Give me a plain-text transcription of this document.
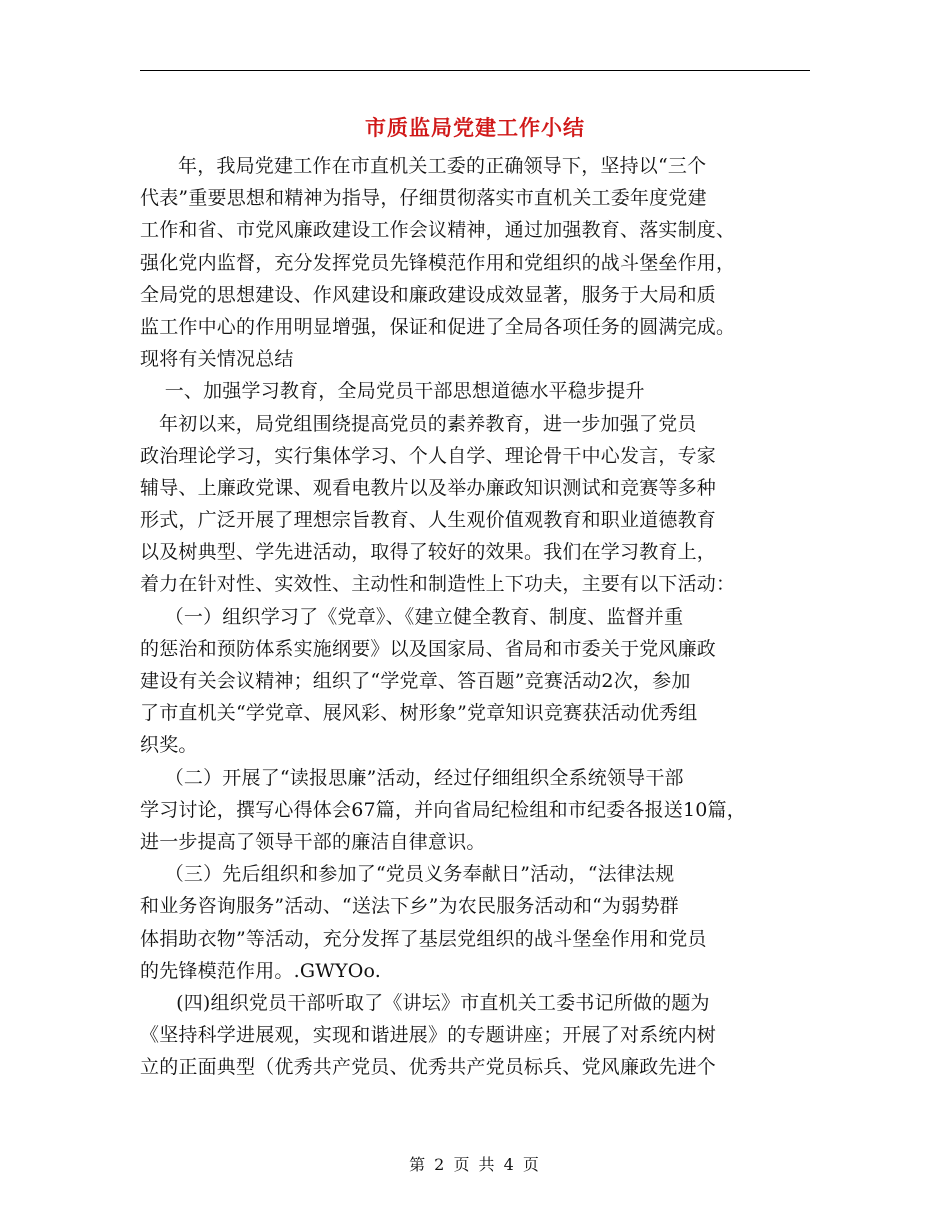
市质监局党建工作小结
年，我局党建工作在市直机关工委的正确领导下，坚持以“三个
代表”重要思想和精神为指导，仔细贯彻落实市直机关工委年度党建
工作和省、市党风廉政建设工作会议精神，通过加强教育、落实制度、
强化党内监督，充分发挥党员先锋模范作用和党组织的战斗堡垒作用，
全局党的思想建设、作风建设和廉政建设成效显著，服务于大局和质
监工作中心的作用明显增强，保证和促进了全局各项任务的圆满完成。
现将有关情况总结
一、加强学习教育，全局党员干部思想道德水平稳步提升
年初以来，局党组围绕提高党员的素养教育，进一步加强了党员
政治理论学习，实行集体学习、个人自学、理论骨干中心发言，专家
辅导、上廉政党课、观看电教片以及举办廉政知识测试和竞赛等多种
形式，广泛开展了理想宗旨教育、人生观价值观教育和职业道德教育
以及树典型、学先进活动，取得了较好的效果。我们在学习教育上，
着力在针对性、实效性、主动性和制造性上下功夫，主要有以下活动：
（一）组织学习了《党章》、《建立健全教育、制度、监督并重
的惩治和预防体系实施纲要》以及国家局、省局和市委关于党风廉政
建设有关会议精神；组织了“学党章、答百题”竞赛活动2次，参加
了市直机关“学党章、展风彩、树形象”党章知识竞赛获活动优秀组
织奖。
（二）开展了“读报思廉”活动，经过仔细组织全系统领导干部
学习讨论，撰写心得体会67篇，并向省局纪检组和市纪委各报送10篇，
进一步提高了领导干部的廉洁自律意识。
（三）先后组织和参加了“党员义务奉献日”活动，“法律法规
和业务咨询服务”活动、“送法下乡”为农民服务活动和“为弱势群
体捐助衣物”等活动，充分发挥了基层党组织的战斗堡垒作用和党员
的先锋模范作用。.GWYOo.
(四)组织党员干部听取了《讲坛》市直机关工委书记所做的题为
《坚持科学进展观，实现和谐进展》的专题讲座；开展了对系统内树
立的正面典型（优秀共产党员、优秀共产党员标兵、党风廉政先进个
第 2 页 共 4 页
